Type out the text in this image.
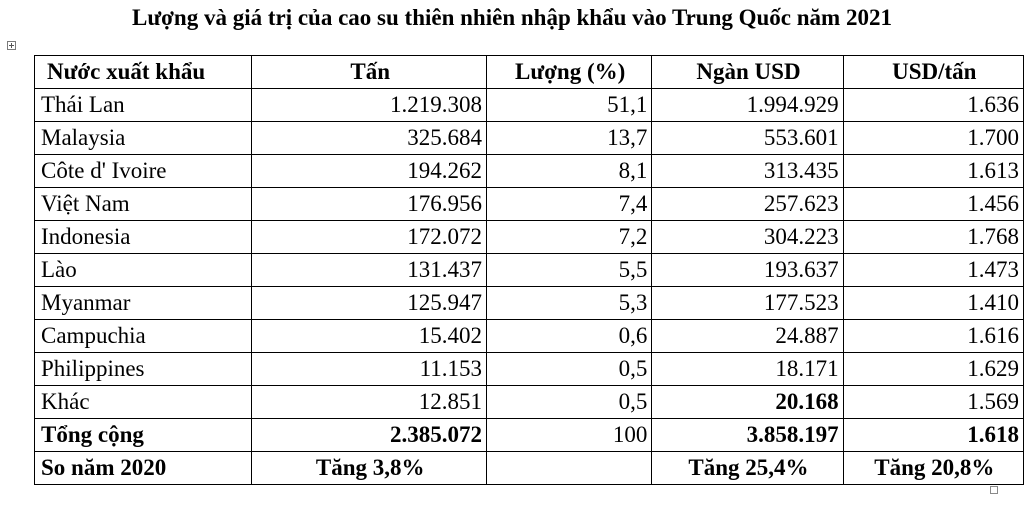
Lượng và giá trị của cao su thiên nhiên nhập khẩu vào Trung Quốc năm 2021
Nước xuất khẩu	Tấn	Lượng (%)	Ngàn USD	USD/tấn
Thái Lan	1.219.308	51,1	1.994.929	1.636
Malaysia	325.684	13,7	553.601	1.700
Côte d' Ivoire	194.262	8,1	313.435	1.613
Việt Nam	176.956	7,4	257.623	1.456
Indonesia	172.072	7,2	304.223	1.768
Lào	131.437	5,5	193.637	1.473
Myanmar	125.947	5,3	177.523	1.410
Campuchia	15.402	0,6	24.887	1.616
Philippines	11.153	0,5	18.171	1.629
Khác	12.851	0,5	20.168	1.569
Tổng cộng	2.385.072	100	3.858.197	1.618
So năm 2020	Tăng 3,8%		Tăng 25,4%	Tăng 20,8%
